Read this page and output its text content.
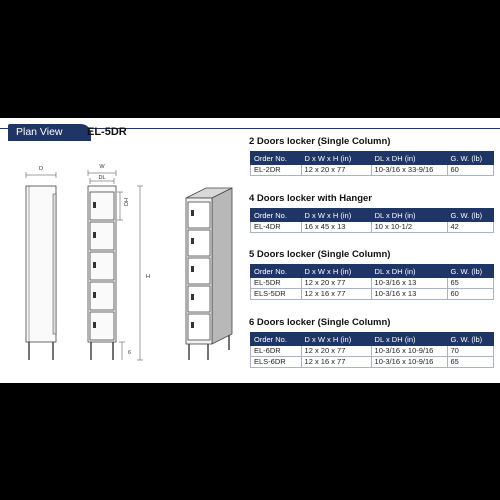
Plan View	EL-5DR
D	W
DL
DH
H
6
2 Doors locker (Single Column)
Order No.	D x W x H (in)	DL x DH (in)	G. W. (lb)
EL-2DR	12 x 20 x 77	10-3/16 x 33-9/16	60
4 Doors locker with Hanger
Order No.	D x W x H (in)	DL x DH (in)	G. W. (lb)
EL-4DR	16 x 45 x 13	10 x 10-1/2	42
5 Doors locker (Single Column)
Order No.	D x W x H (in)	DL x DH (in)	G. W. (lb)
EL-5DR	12 x 20 x 77	10-3/16 x 13	65
ELS-5DR	12 x 16 x 77	10-3/16 x 13	60
6 Doors locker (Single Column)
Order No.	D x W x H (in)	DL x DH (in)	G. W. (lb)
EL-6DR	12 x 20 x 77	10-3/16 x 10-9/16	70
ELS-6DR	12 x 16 x 77	10-3/16 x 10-9/16	65
